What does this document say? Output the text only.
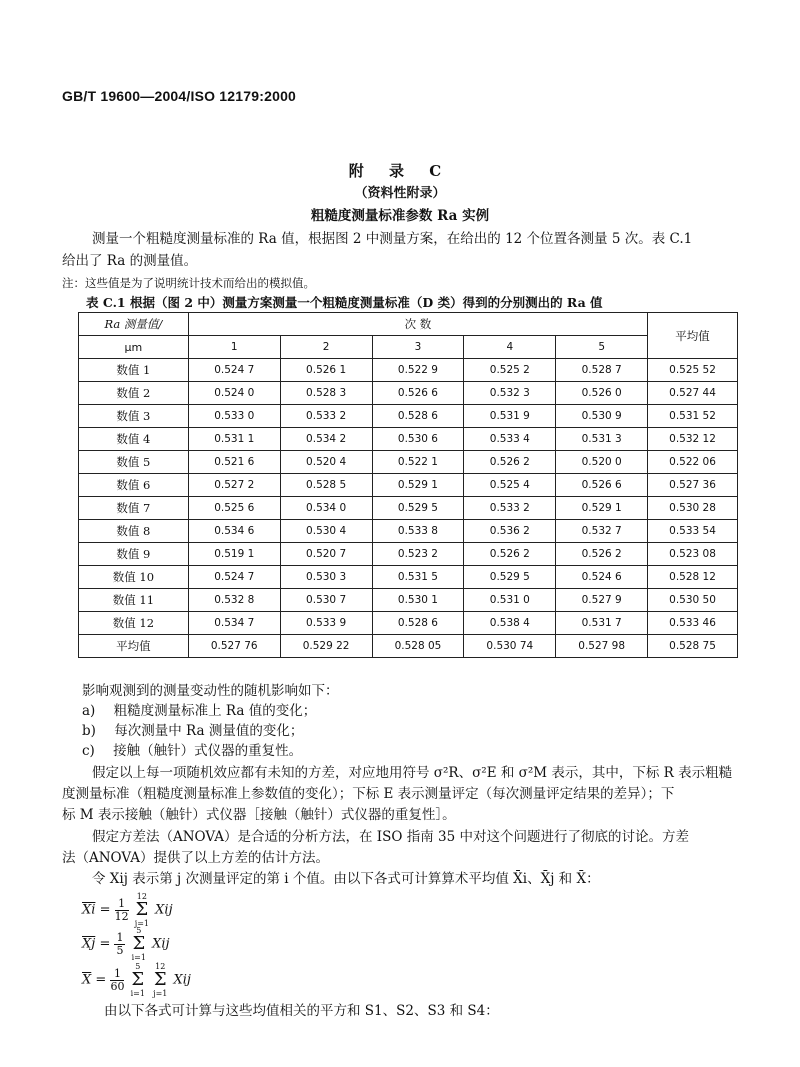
GB/T 19600—2004/ISO 12179:2000
附 录 C
（资料性附录）
粗糙度测量标准参数 Ra 实例
测量一个粗糙度测量标准的 Ra 值，根据图 2 中测量方案，在给出的 12 个位置各测量 5 次。表 C.1
给出了 Ra 的测量值。
注：这些值是为了说明统计技术而给出的模拟值。
表 C.1 根据（图 2 中）测量方案测量一个粗糙度测量标准（D 类）得到的分别测出的 Ra 值
Ra 测量值/	次 数					平均值
μm	1	2	3	4	5	
数值 1	0.524 7	0.526 1	0.522 9	0.525 2	0.528 7	0.525 52
数值 2	0.524 0	0.528 3	0.526 6	0.532 3	0.526 0	0.527 44
数值 3	0.533 0	0.533 2	0.528 6	0.531 9	0.530 9	0.531 52
数值 4	0.531 1	0.534 2	0.530 6	0.533 4	0.531 3	0.532 12
数值 5	0.521 6	0.520 4	0.522 1	0.526 2	0.520 0	0.522 06
数值 6	0.527 2	0.528 5	0.529 1	0.525 4	0.526 6	0.527 36
数值 7	0.525 6	0.534 0	0.529 5	0.533 2	0.529 1	0.530 28
数值 8	0.534 6	0.530 4	0.533 8	0.536 2	0.532 7	0.533 54
数值 9	0.519 1	0.520 7	0.523 2	0.526 2	0.526 2	0.523 08
数值 10	0.524 7	0.530 3	0.531 5	0.529 5	0.524 6	0.528 12
数值 11	0.532 8	0.530 7	0.530 1	0.531 0	0.527 9	0.530 50
数值 12	0.534 7	0.533 9	0.528 6	0.538 4	0.531 7	0.533 46
平均值	0.527 76	0.529 22	0.528 05	0.530 74	0.527 98	0.528 75
影响观测到的测量变动性的随机影响如下：
a) 粗糙度测量标准上 Ra 值的变化；
b) 每次测量中 Ra 测量值的变化；
c) 接触（触针）式仪器的重复性。
假定以上每一项随机效应都有未知的方差，对应地用符号 σ²R、σ²E 和 σ²M 表示，其中，下标 R 表示粗糙
度测量标准（粗糙度测量标准上参数值的变化）；下标 E 表示测量评定（每次测量评定结果的差异）；下
标 M 表示接触（触针）式仪器［接触（触针）式仪器的重复性］。
假定方差法（ANOVA）是合适的分析方法，在 ISO 指南 35 中对这个问题进行了彻底的讨论。方差
法（ANOVA）提供了以上方差的估计方法。
令 Xij 表示第 j 次测量评定的第 i 个值。由以下各式可计算算术平均值 X̄i、X̄j 和 X̄：
$\overline{Xi} = \frac{1}{12} 12$
Σ
j=1 Xij
$\overline{Xj} = \frac{1}{5} 5$
Σ
i=1 Xij
$\overline{X} = \frac{1}{60} 5$
Σ
i=1 12
Σ
j=1 Xij
由以下各式可计算与这些均值相关的平方和 S1、S2、S3 和 S4：
